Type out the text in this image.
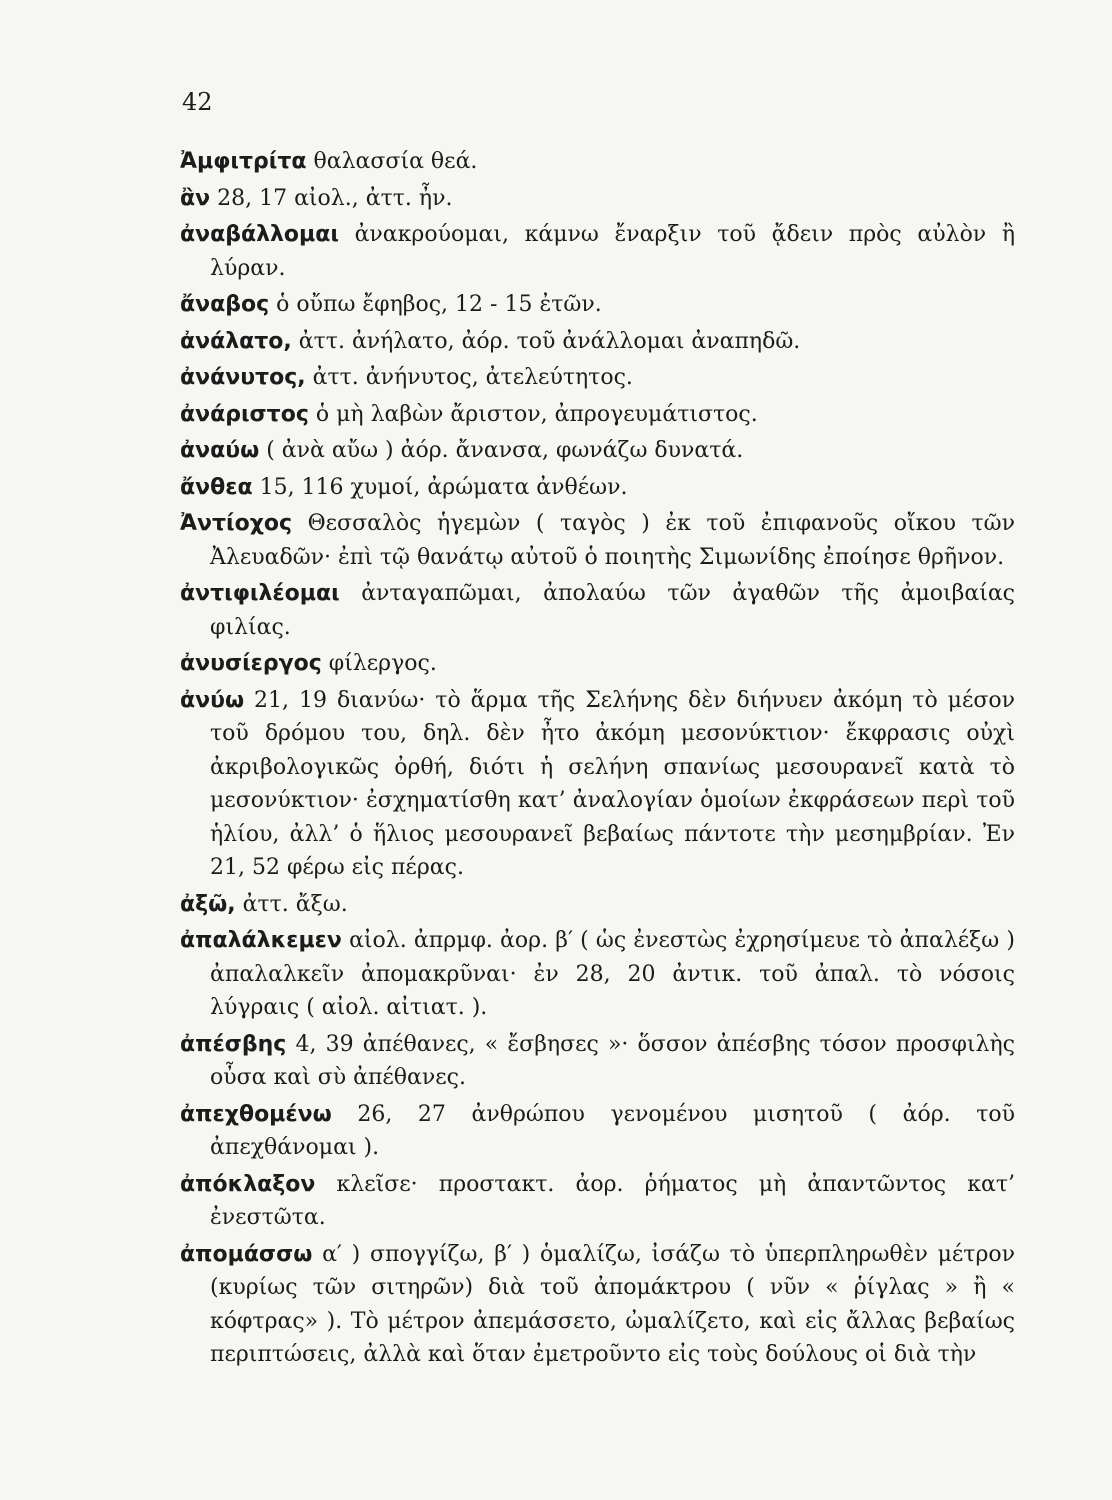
42

Ἀμφιτρίτα θαλασσία θεά.

ἂν 28, 17 αἰολ., ἀττ. ἦν.

ἀναβάλλομαι ἀνακρούομαι, κάμνω ἔναρξιν τοῦ ᾄδειν πρὸς αὐλὸν ἢ λύραν.

ἄναβος ὁ οὔπω ἔφηβος, 12 - 15 ἐτῶν.

ἀνάλατο, ἀττ. ἀνήλατο, ἀόρ. τοῦ ἀνάλλομαι ἀναπηδῶ.

ἀνάνυτος, ἀττ. ἀνήνυτος, ἀτελεύτητος.

ἀνάριστος ὁ μὴ λαβὼν ἄριστον, ἀπρογευμάτιστος.

ἀναύω ( ἀνὰ αὔω ) ἀόρ. ἄνανσα, φωνάζω δυνατά.

ἄνθεα 15, 116 χυμοί, ἀρώματα ἀνθέων.

Ἀντίοχος Θεσσαλὸς ἡγεμὼν ( ταγὸς ) ἐκ τοῦ ἐπιφανοῦς οἴκου τῶν Ἀλευαδῶν· ἐπὶ τῷ θανάτῳ αὐτοῦ ὁ ποιητὴς Σιμωνίδης ἐποίησε θρῆνον.

ἀντιφιλέομαι ἀνταγαπῶμαι, ἀπολαύω τῶν ἀγαθῶν τῆς ἀμοιβαίας φιλίας.

ἀνυσίεργος φίλεργος.

ἀνύω 21, 19 διανύω· τὸ ἅρμα τῆς Σελήνης δὲν διήνυεν ἀκόμη τὸ μέσον τοῦ δρόμου του, δηλ. δὲν ἦτο ἀκόμη μεσονύκτιον· ἔκφρασις οὐχὶ ἀκριβολογικῶς ὀρθή, διότι ἡ σελήνη σπανίως μεσουρανεῖ κατὰ τὸ μεσονύκτιον· ἐσχηματίσθη κατ’ ἀναλογίαν ὁμοίων ἐκφράσεων περὶ τοῦ ἡλίου, ἀλλ’ ὁ ἥλιος μεσουρανεῖ βεβαίως πάντοτε τὴν μεσημβρίαν. Ἐν 21, 52 φέρω εἰς πέρας.

ἀξῶ, ἀττ. ἄξω.

ἀπαλάλκεμεν αἰολ. ἀπρμφ. ἀορ. β′ ( ὡς ἐνεστὼς ἐχρησίμευε τὸ ἀπαλέξω ) ἀπαλαλκεῖν ἀπομακρῦναι· ἐν 28, 20 ἀντικ. τοῦ ἀπαλ. τὸ νόσοις λύγραις ( αἰολ. αἰτιατ. ).

ἀπέσβης 4, 39 ἀπέθανες, « ἔσβησες »· ὅσσον ἀπέσβης τόσον προσφιλὴς οὖσα καὶ σὺ ἀπέθανες.

ἀπεχθομένω 26, 27 ἀνθρώπου γενομένου μισητοῦ ( ἀόρ. τοῦ ἀπεχθάνομαι ).

ἀπόκλαξον κλεῖσε· προστακτ. ἀορ. ῥήματος μὴ ἀπαντῶντος κατ’ ἐνεστῶτα.

ἀπομάσσω α′ ) σπογγίζω, β′ ) ὁμαλίζω, ἰσάζω τὸ ὑπερπληρωθὲν μέτρον (κυρίως τῶν σιτηρῶν) διὰ τοῦ ἀπομάκτρου ( νῦν « ῥίγλας » ἢ « κόφτρας» ). Τὸ μέτρον ἀπεμάσσετο, ὠμαλίζετο, καὶ εἰς ἄλλας βεβαίως περιπτώσεις, ἀλλὰ καὶ ὅταν ἐμετροῦντο εἰς τοὺς δούλους οἱ διὰ τὴν
